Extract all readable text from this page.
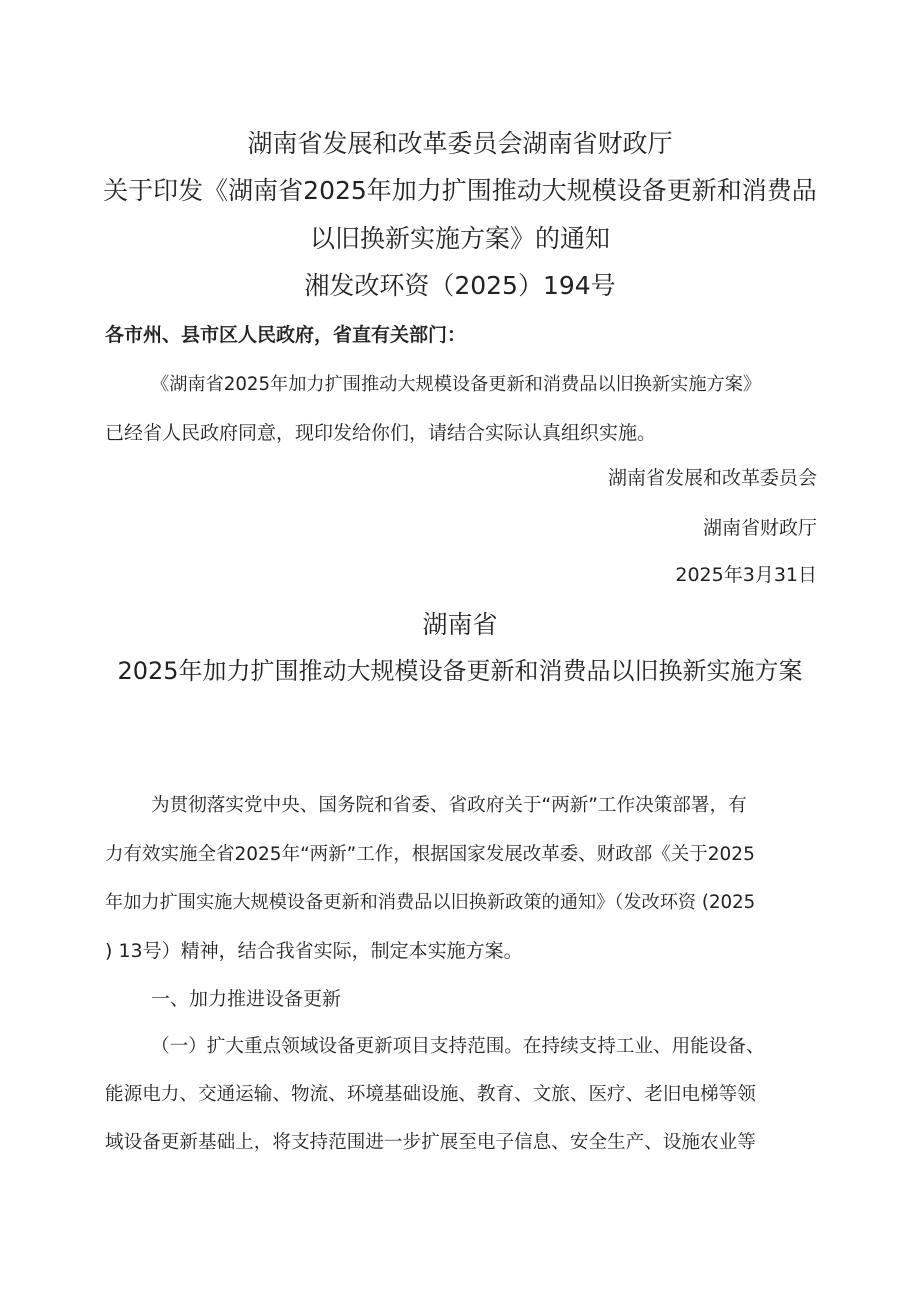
湖南省发展和改革委员会湖南省财政厅
关于印发《湖南省2025年加力扩围推动大规模设备更新和消费品
以旧换新实施方案》的通知
湘发改环资（2025）194号
各市州、县市区人民政府，省直有关部门：
《湖南省2025年加力扩围推动大规模设备更新和消费品以旧换新实施方案》
已经省人民政府同意，现印发给你们，请结合实际认真组织实施。
湖南省发展和改革委员会
湖南省财政厅
2025年3月31日
湖南省
2025年加力扩围推动大规模设备更新和消费品以旧换新实施方案
为贯彻落实党中央、国务院和省委、省政府关于“两新”工作决策部署，有
力有效实施全省2025年“两新”工作，根据国家发展改革委、财政部《关于2025
年加力扩围实施大规模设备更新和消费品以旧换新政策的通知》（发改环资 (2025
) 13号）精神，结合我省实际，制定本实施方案。
一、加力推进设备更新
（一）扩大重点领域设备更新项目支持范围。在持续支持工业、用能设备、
能源电力、交通运输、物流、环境基础设施、教育、文旅、医疗、老旧电梯等领
域设备更新基础上，将支持范围进一步扩展至电子信息、安全生产、设施农业等
